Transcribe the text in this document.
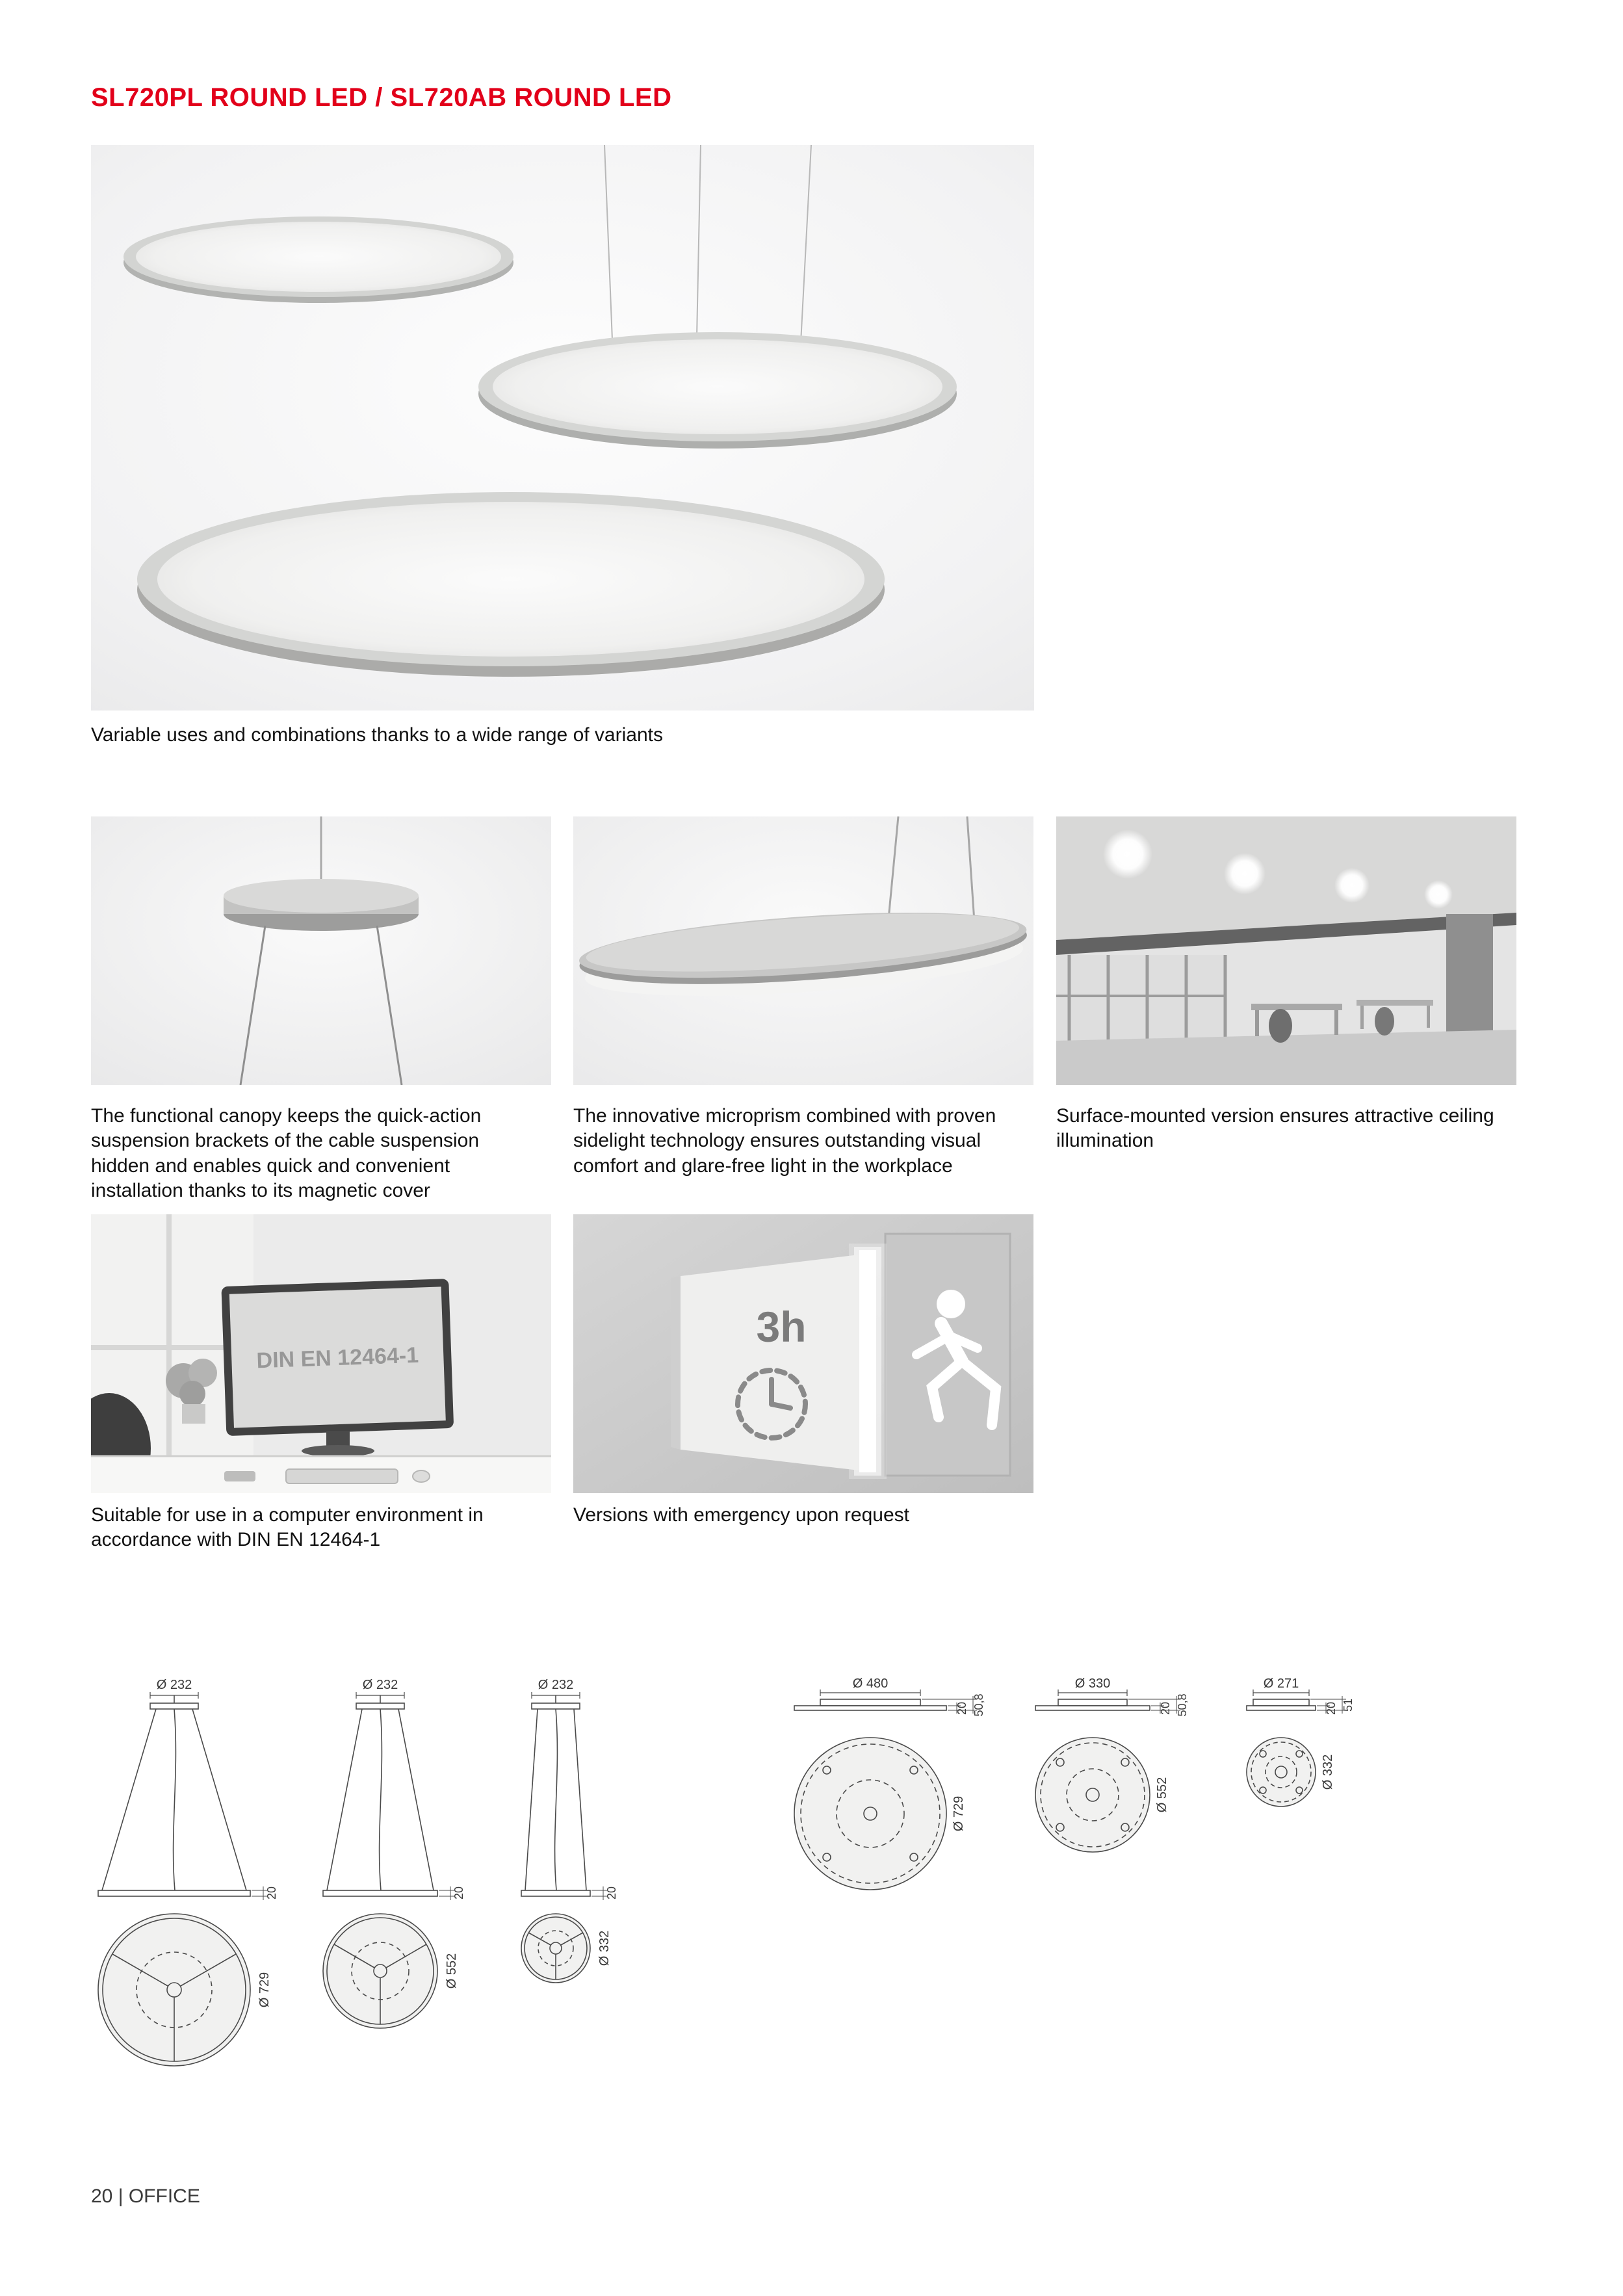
SL720PL ROUND LED / SL720AB ROUND LED
Variable uses and combinations thanks to a wide range of variants
The functional canopy keeps the quick-action suspension brackets of the cable suspension hidden and enables quick and convenient installation thanks to its magnetic cover
The innovative microprism combined with proven sidelight technology ensures outstanding visual comfort and glare-free light in the workplace
Surface-mounted version ensures attractive ceiling illumination
DIN EN 12464-1
3h
Suitable for use in a computer environment in accordance with DIN EN 12464-1
Versions with emergency upon request
Ø 232
20
Ø 729
Ø 232
20
Ø 552
Ø 232
20
Ø 332
Ø 480
20 50,8
Ø 729
Ø 330
20 50,8
Ø 552
Ø 271
20 51
Ø 332
20 | OFFICE
